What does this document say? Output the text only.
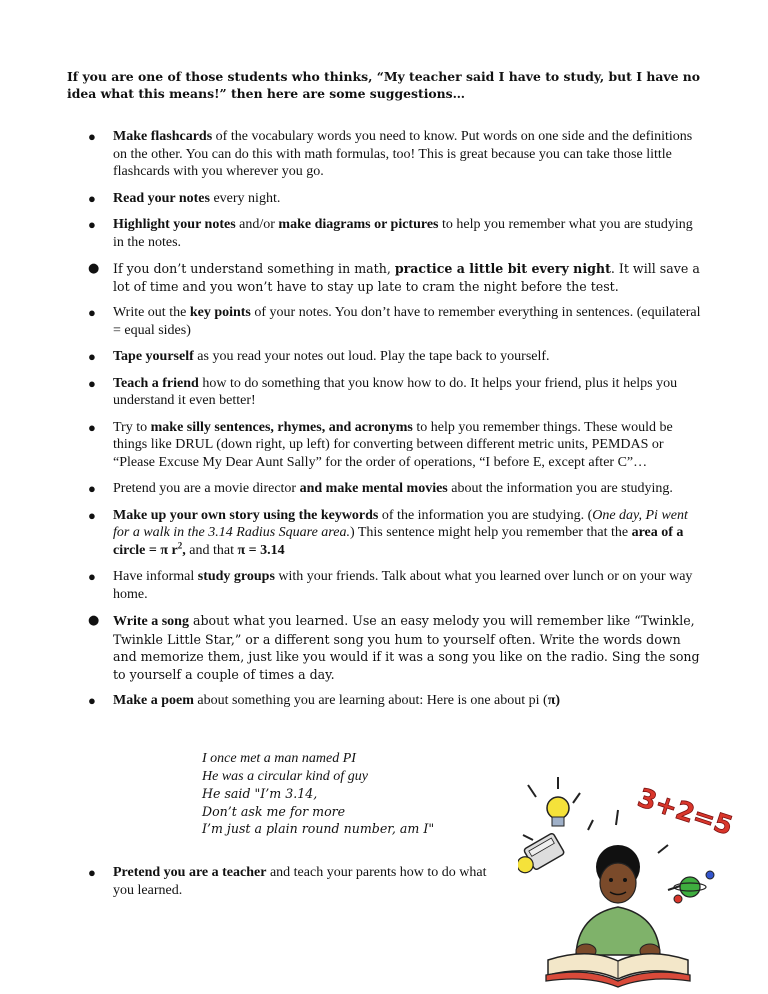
If you are one of those students who thinks, “My teacher said I have to study, but I have no idea what this means!” then here are some suggestions…
● Make flashcards of the vocabulary words you need to know. Put words on one side and the definitions on the other. You can do this with math formulas, too! This is great because you can take those little flashcards with you wherever you go.
● Read your notes every night.
● Highlight your notes and/or make diagrams or pictures to help you remember what you are studying in the notes.
● If you don’t understand something in math, practice a little bit every night. It will save a lot of time and you won’t have to stay up late to cram the night before the test.
● Write out the key points of your notes. You don’t have to remember everything in sentences. (equilateral = equal sides)
● Tape yourself as you read your notes out loud. Play the tape back to yourself.
● Teach a friend how to do something that you know how to do. It helps your friend, plus it helps you understand it even better!
● Try to make silly sentences, rhymes, and acronyms to help you remember things. These would be things like DRUL (down right, up left) for converting between different metric units, PEMDAS or “Please Excuse My Dear Aunt Sally” for the order of operations, “I before E, except after C”…
● Pretend you are a movie director and make mental movies about the information you are studying.
● Make up your own story using the keywords of the information you are studying. (One day, Pi went for a walk in the 3.14 Radius Square area.) This sentence might help you remember that the area of a circle = π $r^2$, and that π = 3.14
● Have informal study groups with your friends. Talk about what you learned over lunch or on your way home.
● Write a song about what you learned. Use an easy melody you will remember like “Twinkle, Twinkle Little Star,” or a different song you hum to yourself often. Write the words down and memorize them, just like you would if it was a song you like on the radio. Sing the song to yourself a couple of times a day.
● Make a poem about something you are learning about: Here is one about pi (π)
● Pretend you are a teacher and teach your parents how to do what you learned.
I once met a man named PI
He was a circular kind of guy
He said "I’m 3.14,
Don’t ask me for more
I’m just a plain round number, am I"	3+2=5
